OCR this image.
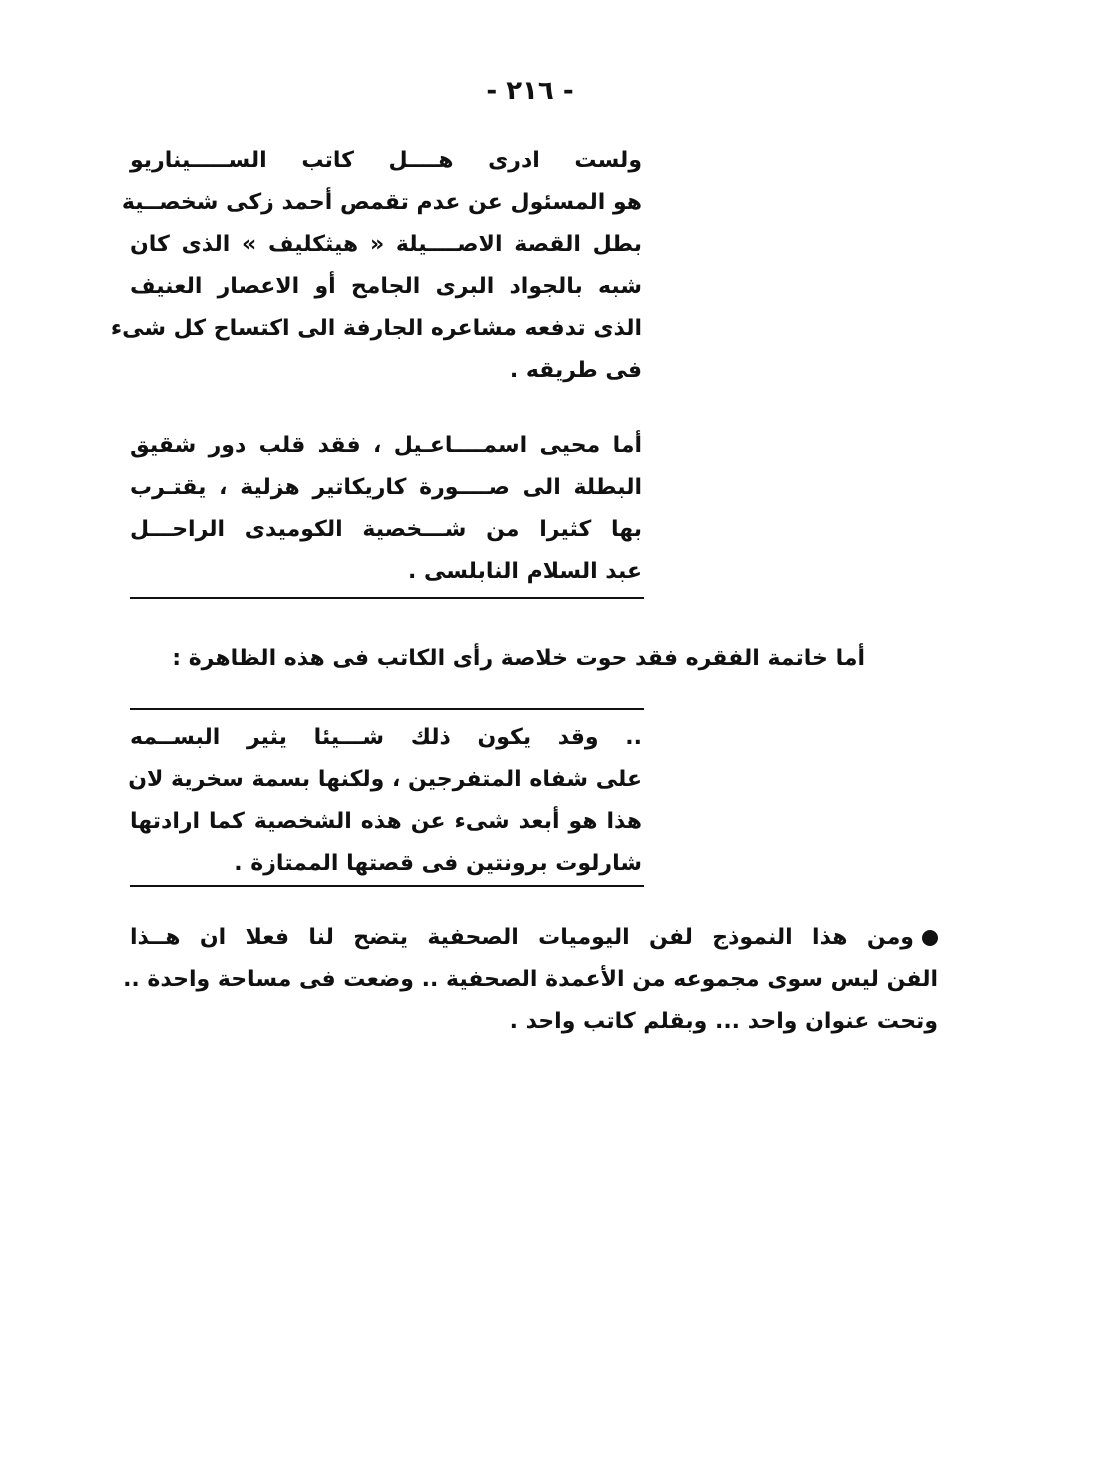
- ٢١٦ -
ولست ادرى هــــل كاتب الســـــيناريو
هو المسئول عن عدم تقمص أحمد زكى شخصــية
بطل القصة الاصــــيلة « هيثكليف » الذى كان
شبه بالجواد البرى الجامح أو الاعصار العنيف
الذى تدفعه مشاعره الجارفة الى اكتساح كل شىء
فى طريقه .
أما محيى اسمــــاعـيل ، فقد قلب دور شقيق
البطلة الى صــــورة كاريكاتير هزلية ، يقتـرب
بها كثيرا من شـــخصية الكوميدى الراحـــل
عبد السلام النابلسى .
أما خاتمة الفقره فقد حوت خلاصة رأى الكاتب فى هذه الظاهرة :
.. وقد يكون ذلك شـــيئا يثير البســمه
على شفاه المتفرجين ، ولكنها بسمة سخرية لان
هذا هو أبعد شىء عن هذه الشخصية كما ارادتها
شارلوت برونتين فى قصتها الممتازة .
ومن هذا النموذج لفن اليوميات الصحفية يتضح لنا فعلا ان هــذا
الفن ليس سوى مجموعه من الأعمدة الصحفية .. وضعت فى مساحة واحدة ..
وتحت عنوان واحد ... وبقلم كاتب واحد .
